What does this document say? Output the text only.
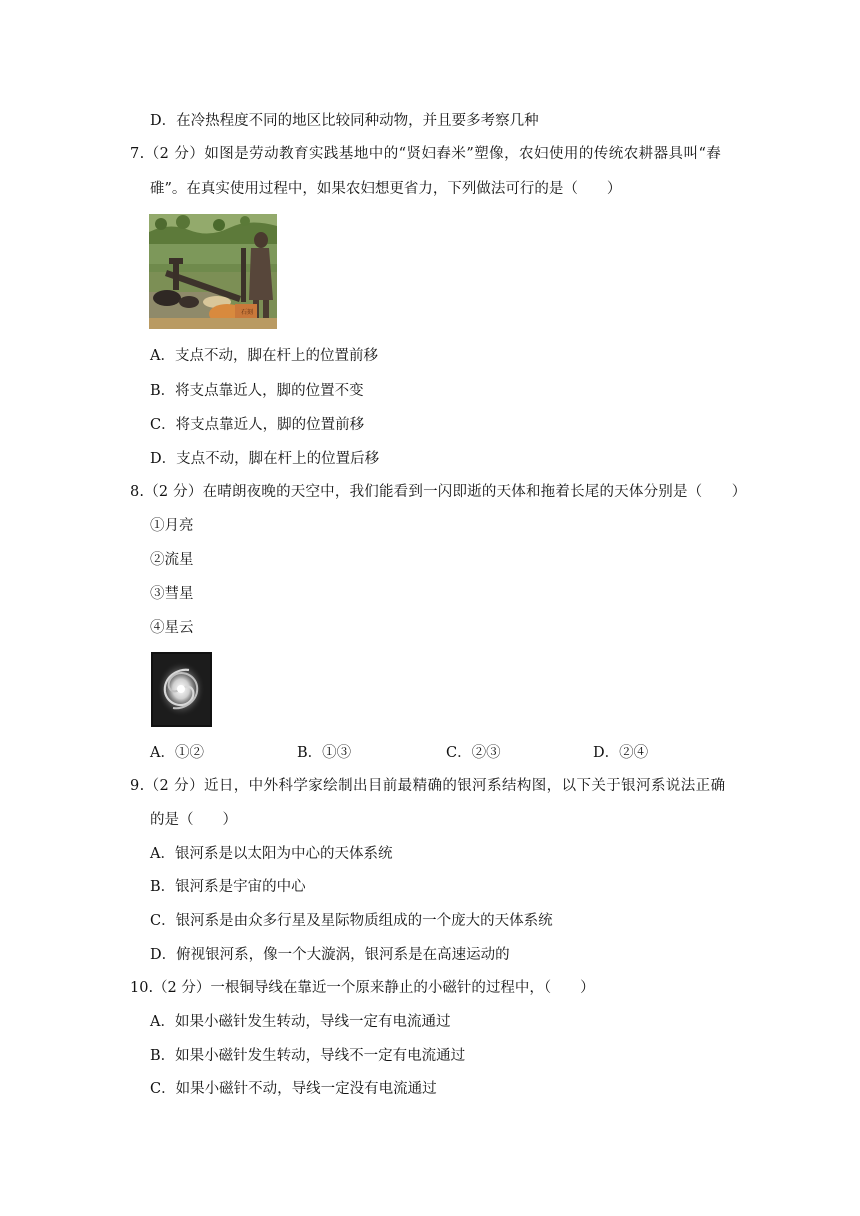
D．在冷热程度不同的地区比较同种动物，并且要多考察几种
7.（2 分）如图是劳动教育实践基地中的“贤妇舂米”塑像，农妇使用的传统农耕器具叫“舂
碓”。在真实使用过程中，如果农妇想更省力，下列做法可行的是（　　）
石刻
A．支点不动，脚在杆上的位置前移
B．将支点靠近人，脚的位置不变
C．将支点靠近人，脚的位置前移
D．支点不动，脚在杆上的位置后移
8.（2 分）在晴朗夜晚的天空中，我们能看到一闪即逝的天体和拖着长尾的天体分别是（　　）
①月亮
②流星
③彗星
④星云
A．①②	B．①③	C．②③	D．②④
9.（2 分）近日，中外科学家绘制出目前最精确的银河系结构图，以下关于银河系说法正确
的是（　　）
A．银河系是以太阳为中心的天体系统
B．银河系是宇宙的中心
C．银河系是由众多行星及星际物质组成的一个庞大的天体系统
D．俯视银河系，像一个大漩涡，银河系是在高速运动的
10.（2 分）一根铜导线在靠近一个原来静止的小磁针的过程中，（　　）
A．如果小磁针发生转动，导线一定有电流通过
B．如果小磁针发生转动，导线不一定有电流通过
C．如果小磁针不动，导线一定没有电流通过
